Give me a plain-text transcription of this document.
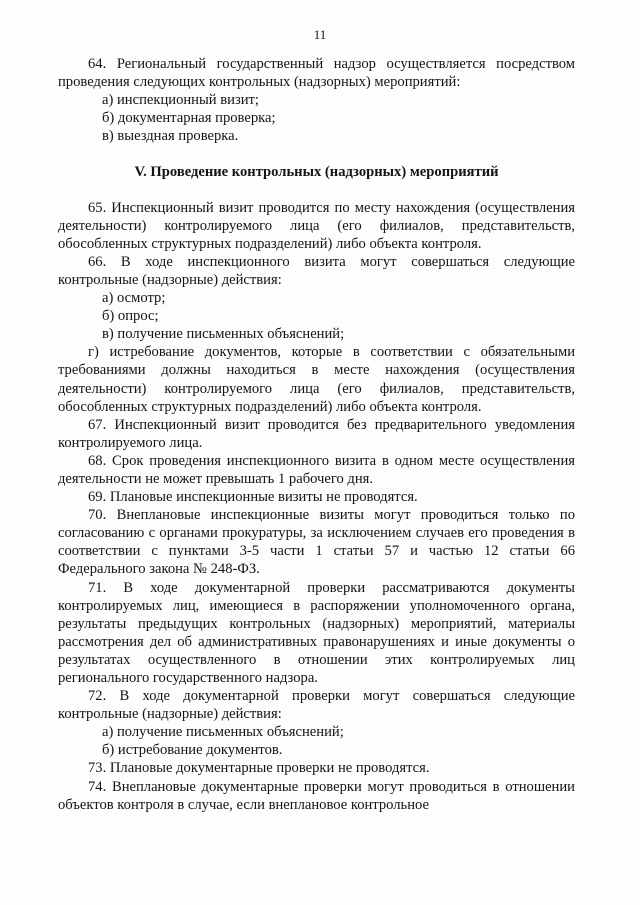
11

64. Региональный государственный надзор осуществляется посредством проведения следующих контрольных (надзорных) мероприятий:

а) инспекционный визит;

б) документарная проверка;

в) выездная проверка.

V. Проведение контрольных (надзорных) мероприятий

65. Инспекционный визит проводится по месту нахождения (осуществления деятельности) контролируемого лица (его филиалов, представительств, обособленных структурных подразделений) либо объекта контроля.

66. В ходе инспекционного визита могут совершаться следующие контрольные (надзорные) действия:

а) осмотр;

б) опрос;

в) получение письменных объяснений;

г) истребование документов, которые в соответствии с обязательными требованиями должны находиться в месте нахождения (осуществления деятельности) контролируемого лица (его филиалов, представительств, обособленных структурных подразделений) либо объекта контроля.

67. Инспекционный визит проводится без предварительного уведомления контролируемого лица.

68. Срок проведения инспекционного визита в одном месте осуществления деятельности не может превышать 1 рабочего дня.

69. Плановые инспекционные визиты не проводятся.

70. Внеплановые инспекционные визиты могут проводиться только по согласованию с органами прокуратуры, за исключением случаев его проведения в соответствии с пунктами 3-5 части 1 статьи 57 и частью 12 статьи 66 Федерального закона № 248-ФЗ.

71. В ходе документарной проверки рассматриваются документы контролируемых лиц, имеющиеся в распоряжении уполномоченного органа, результаты предыдущих контрольных (надзорных) мероприятий, материалы рассмотрения дел об административных правонарушениях и иные документы о результатах осуществленного в отношении этих контролируемых лиц регионального государственного надзора.

72. В ходе документарной проверки могут совершаться следующие контрольные (надзорные) действия:

а) получение письменных объяснений;

б) истребование документов.

73. Плановые документарные проверки не проводятся.

74. Внеплановые документарные проверки могут проводиться в отношении объектов контроля в случае, если внеплановое контрольное
